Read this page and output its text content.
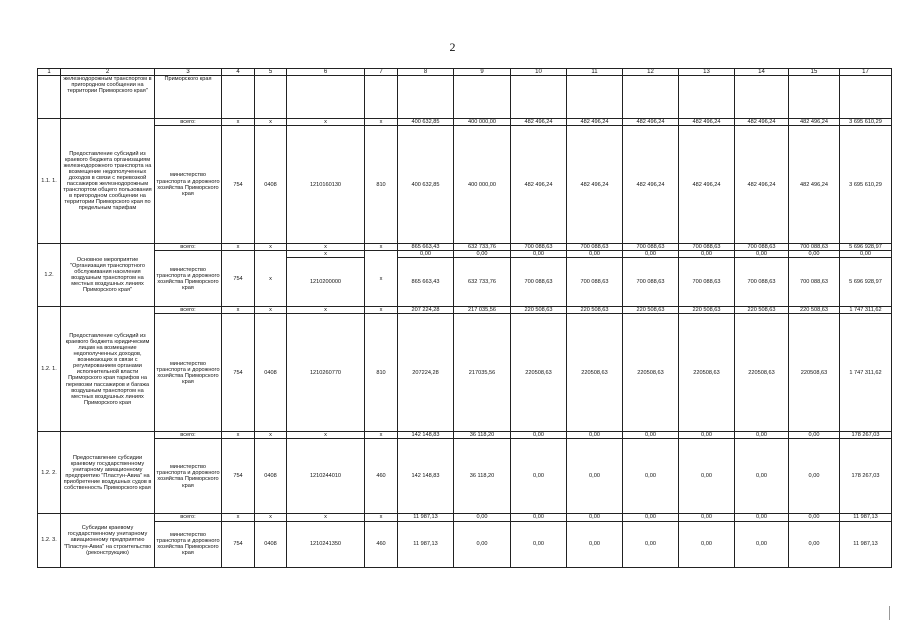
2
1	2	3	4	5	6	7	8	9	10	11	12	13	14	15	17
	железнодорожным транспортом в пригородном сообщении на территории Приморского края"	Приморского края													
1.1. 1.	Предоставление субсидий из краевого бюджета организациям железнодорожного транспорта на возмещение недополученных доходов в связи с перевозкой пассажиров железнодорожным транспортом общего пользования в пригородном сообщении на территории Приморского края по предельным тарифам	всего:	x	x	x	x	400 632,85	400 000,00	482 496,24	482 496,24	482 496,24	482 496,24	482 496,24	482 496,24	3 695 610,29
		министерство транспорта и дорожного хозяйства Приморского края	754	0408	1210160130	810	400 632,85	400 000,00	482 496,24	482 496,24	482 496,24	482 496,24	482 496,24	482 496,24	3 695 610,29
1.2.	Основное мероприятие "Организация транспортного обслуживания населения воздушным транспортом на местных воздушных линиях Приморского края"	всего:	x	x	x	x	865 663,43	632 733,76	700 088,63	700 088,63	700 088,63	700 088,63	700 088,63	700 088,63	5 696 928,97
		министерство транспорта и дорожного хозяйства Приморского края	754	x	x	x	0,00	0,00	0,00	0,00	0,00	0,00	0,00	0,00	0,00
					1210200000		865 663,43	632 733,76	700 088,63	700 088,63	700 088,63	700 088,63	700 088,63	700 088,63	5 696 928,97
1.2. 1.	Предоставление субсидий из краевого бюджета юридическим лицам на возмещение недополученных доходов, возникающих в связи с регулированием органами исполнительной власти Приморского края тарифов на перевозки пассажиров и багажа воздушным транспортом на местных воздушных линиях Приморского края	всего:	x	x	x	x	207 224,28	217 035,56	220 508,63	220 508,63	220 508,63	220 508,63	220 508,63	220 508,63	1 747 311,62
		министерство транспорта и дорожного хозяйства Приморского края	754	0408	1210260770	810	207224,28	217035,56	220508,63	220508,63	220508,63	220508,63	220508,63	220508,63	1 747 311,62
1.2. 2.	Предоставление субсидии краевому государственному унитарному авиационному предприятию "Пластун-Авиа" на приобретение воздушных судов в собственность Приморского края	всего:	x	x	x	x	142 148,83	36 118,20	0,00	0,00	0,00	0,00	0,00	0,00	178 267,03
		министерство транспорта и дорожного хозяйства Приморского края	754	0408	1210244010	460	142 148,83	36 118,20	0,00	0,00	0,00	0,00	0,00	0,00	178 267,03
1.2. 3.	Субсидии краевому государственному унитарному авиационному предприятию "Пластун-Авиа" на строительство (реконструкцию)	всего:	x	x	x	x	11 987,13	0,00	0,00	0,00	0,00	0,00	0,00	0,00	11 987,13
		министерство транспорта и дорожного хозяйства Приморского края	754	0408	1210241350	460	11 987,13	0,00	0,00	0,00	0,00	0,00	0,00	0,00	11 987,13
